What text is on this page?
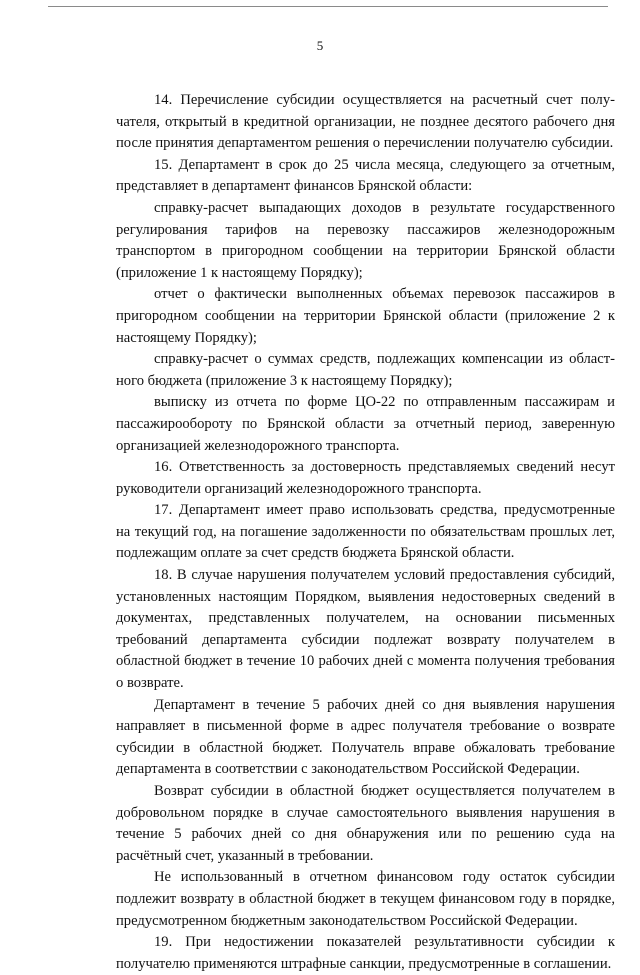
5

14. Перечисление субсидии осуществляется на расчетный счет получателя, открытый в кредитной организации, не позднее десятого рабочего дня после принятия департаментом решения о перечислении получателю субсидии.

15. Департамент в срок до 25 числа месяца, следующего за отчетным, представляет в департамент финансов Брянской области:

справку-расчет выпадающих доходов в результате государственного регулирования тарифов на перевозку пассажиров железнодорожным транспортом в пригородном сообщении на территории Брянской области (приложение 1 к настоящему Порядку);

отчет о фактически выполненных объемах перевозок пассажиров в пригородном сообщении на территории Брянской области (приложение 2 к настоящему Порядку);

справку-расчет о суммах средств, подлежащих компенсации из областного бюджета (приложение 3 к настоящему Порядку);

выписку из отчета по форме ЦО-22 по отправленным пассажирам и пассажирообороту по Брянской области за отчетный период, заверенную организацией железнодорожного транспорта.

16. Ответственность за достоверность представляемых сведений несут руководители организаций железнодорожного транспорта.

17. Департамент имеет право использовать средства, предусмотренные на текущий год, на погашение задолженности по обязательствам прошлых лет, подлежащим оплате за счет средств бюджета Брянской области.

18. В случае нарушения получателем условий предоставления субсидий, установленных настоящим Порядком, выявления недостоверных сведений в документах, представленных получателем, на основании письменных требований департамента субсидии подлежат возврату получателем в областной бюджет в течение 10 рабочих дней с момента получения требования о возврате.

Департамент в течение 5 рабочих дней со дня выявления нарушения направляет в письменной форме в адрес получателя требование о возврате субсидии в областной бюджет. Получатель вправе обжаловать требование департамента в соответствии с законодательством Российской Федерации.

Возврат субсидии в областной бюджет осуществляется получателем в добровольном порядке в случае самостоятельного выявления нарушения в течение 5 рабочих дней со дня обнаружения или по решению суда на расчётный счет, указанный в требовании.

Не использованный в отчетном финансовом году остаток субсидии подлежит возврату в областной бюджет в текущем финансовом году в порядке, предусмотренном бюджетным законодательством Российской Федерации.

19. При недостижении показателей результативности субсидии к получателю применяются штрафные санкции, предусмотренные в соглашении.
